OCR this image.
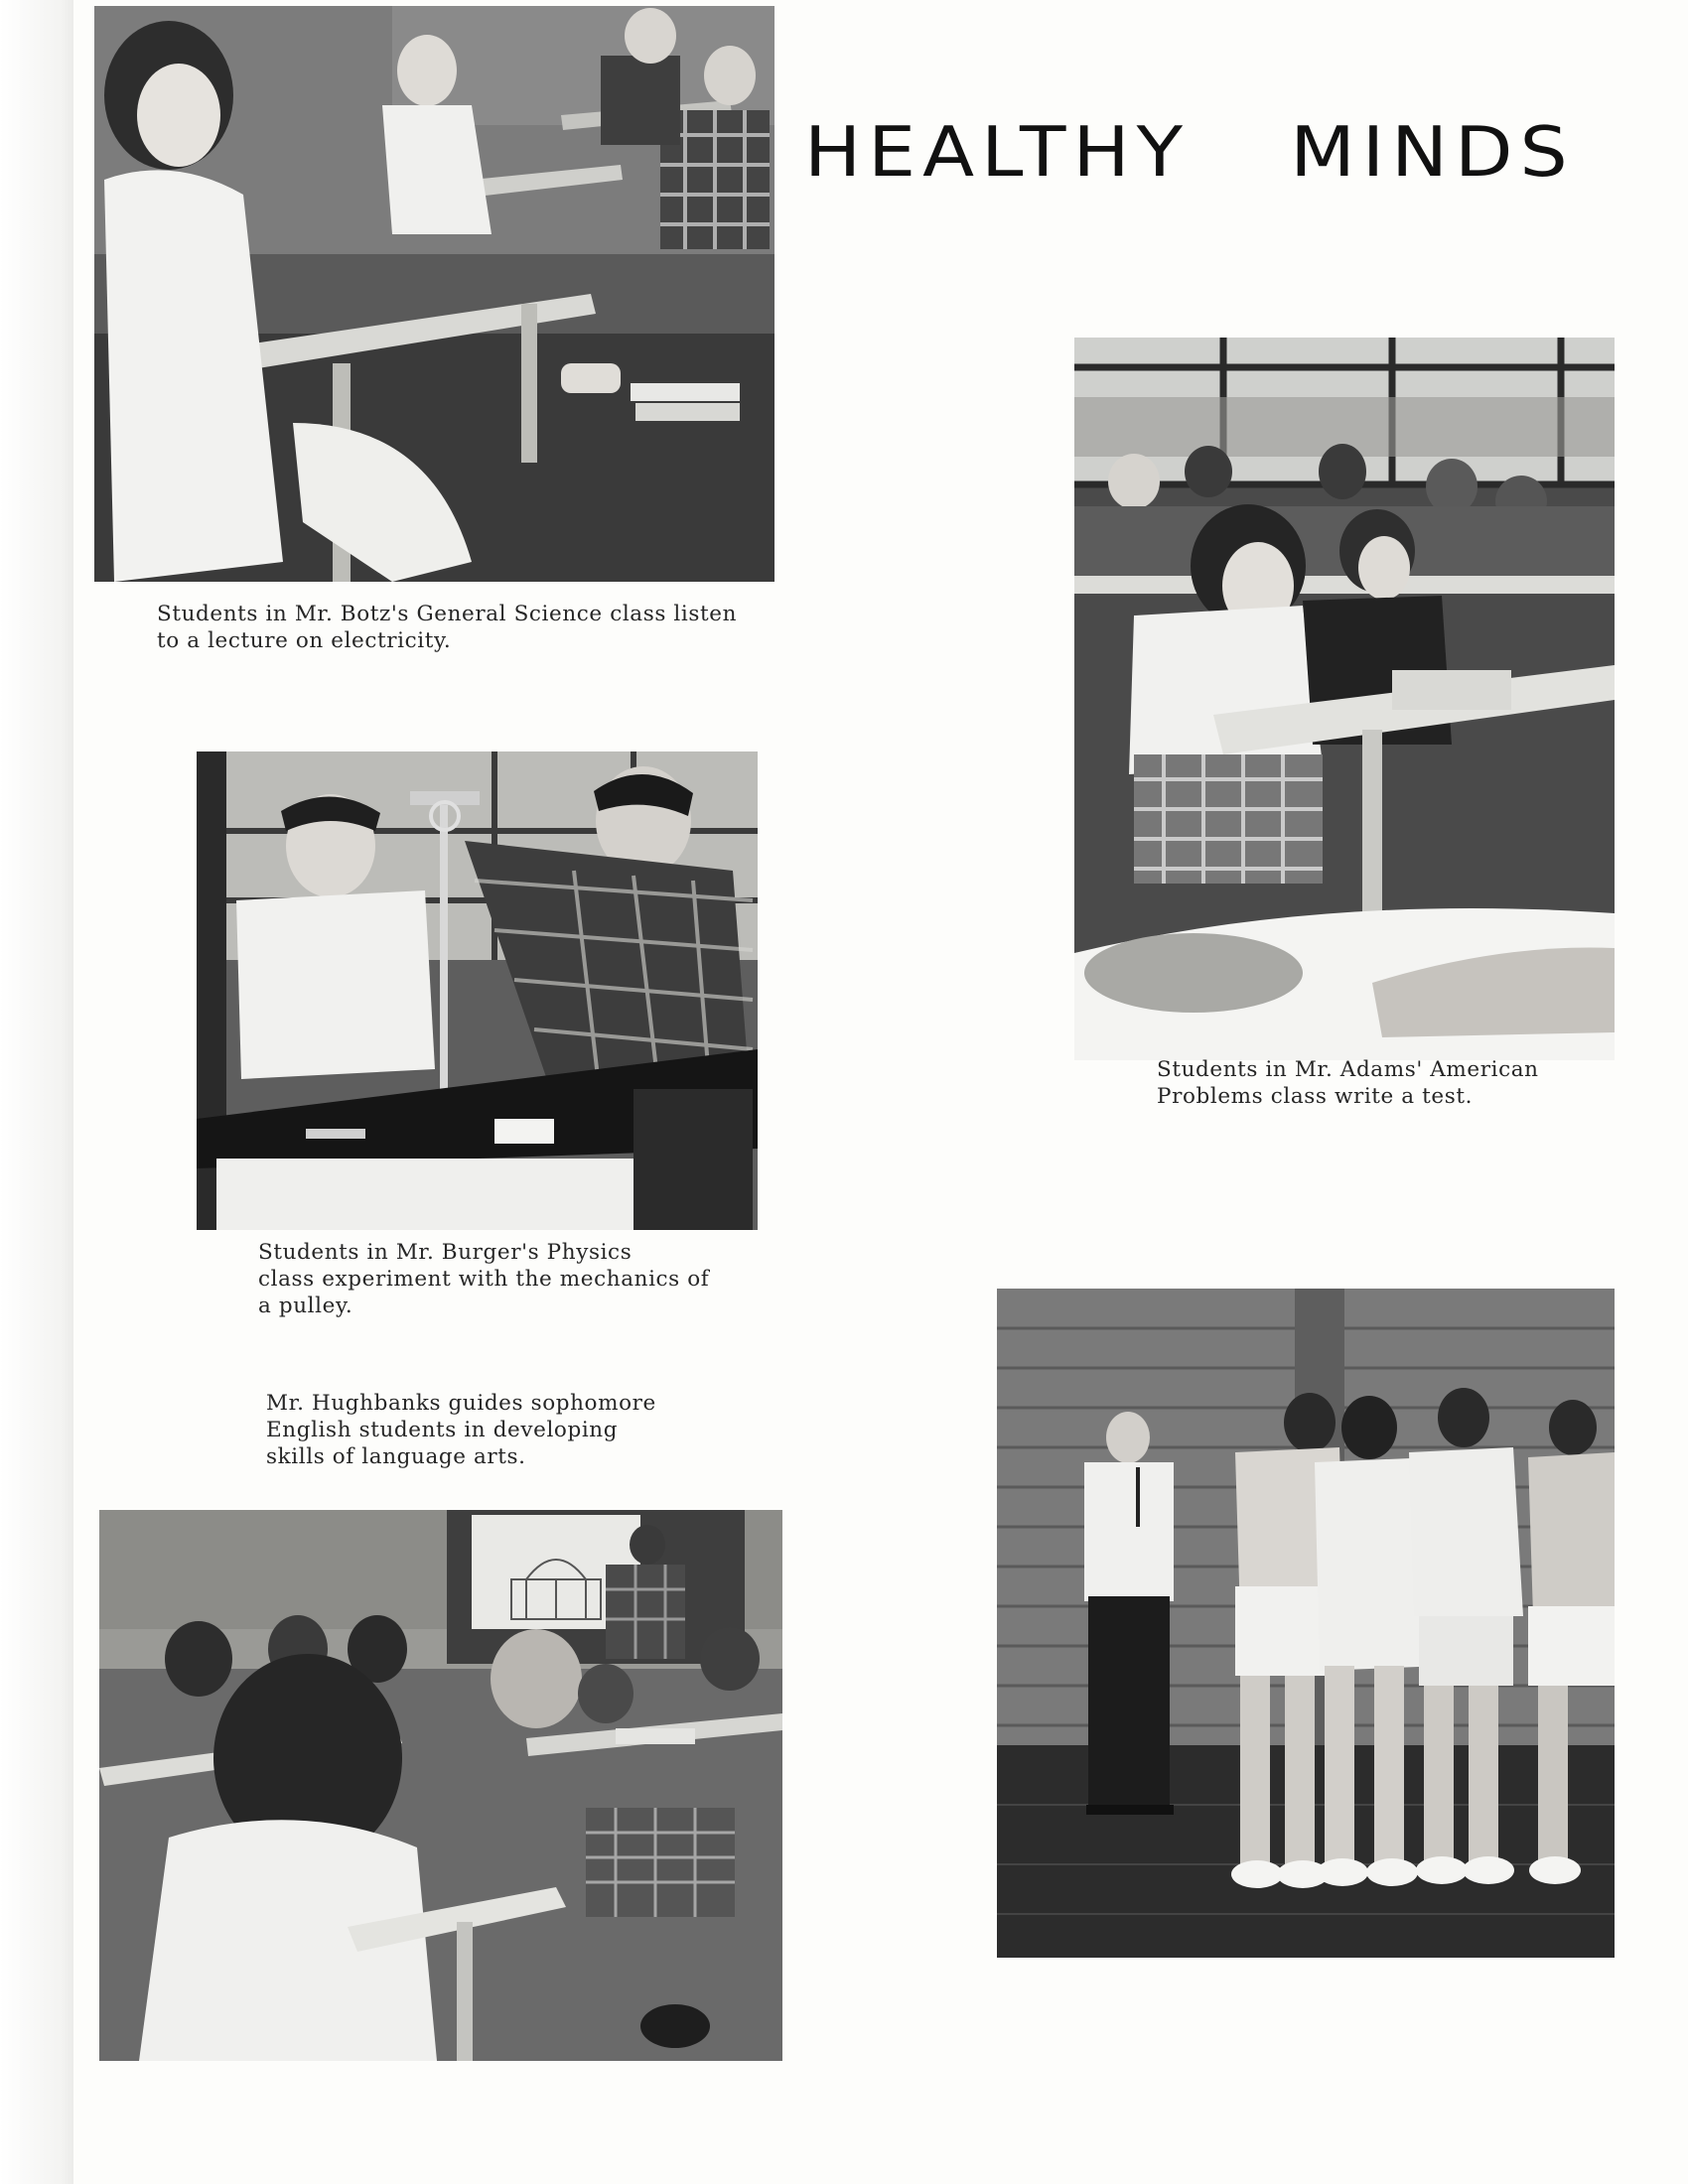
HEALTHY MINDS

Students in Mr. Botz's General Science class listen
to a lecture on electricity.

Students in Mr. Adams' American
Problems class write a test.

Students in Mr. Burger's Physics
class experiment with the mechanics of
a pulley.

Mr. Hughbanks guides sophomore
English students in developing
skills of language arts.
